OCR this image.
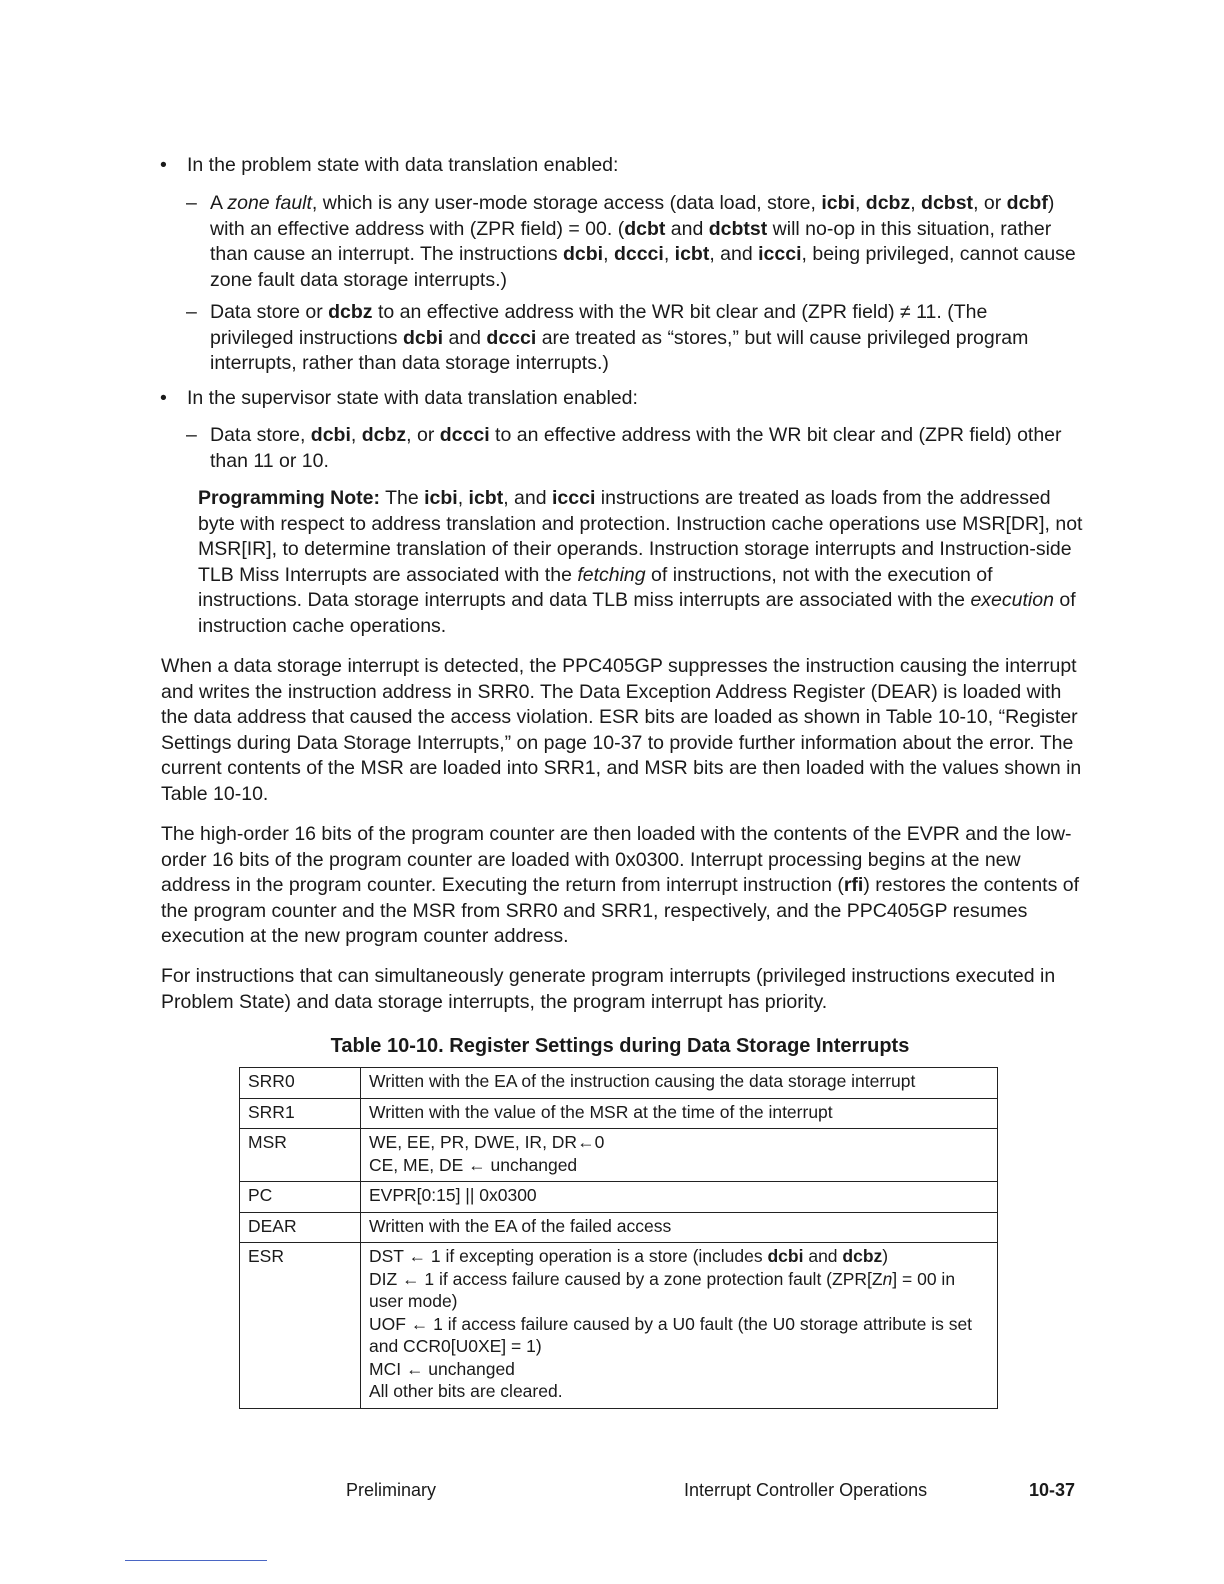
• In the problem state with data translation enabled:
– A zone fault, which is any user-mode storage access (data load, store, icbi, dcbz, dcbst, or dcbf) with an effective address with (ZPR field) = 00. (dcbt and dcbtst will no-op in this situation, rather than cause an interrupt. The instructions dcbi, dccci, icbt, and iccci, being privileged, cannot cause zone fault data storage interrupts.)
– Data store or dcbz to an effective address with the WR bit clear and (ZPR field) ≠ 11. (The privileged instructions dcbi and dccci are treated as “stores,” but will cause privileged program interrupts, rather than data storage interrupts.)
• In the supervisor state with data translation enabled:
– Data store, dcbi, dcbz, or dccci to an effective address with the WR bit clear and (ZPR field) other than 11 or 10.
Programming Note: The icbi, icbt, and iccci instructions are treated as loads from the addressed byte with respect to address translation and protection. Instruction cache operations use MSR[DR], not MSR[IR], to determine translation of their operands. Instruction storage interrupts and Instruction-side TLB Miss Interrupts are associated with the fetching of instructions, not with the execution of instructions. Data storage interrupts and data TLB miss interrupts are associated with the execution of instruction cache operations.
When a data storage interrupt is detected, the PPC405GP suppresses the instruction causing the interrupt and writes the instruction address in SRR0. The Data Exception Address Register (DEAR) is loaded with the data address that caused the access violation. ESR bits are loaded as shown in Table 10-10, “Register Settings during Data Storage Interrupts,” on page 10-37 to provide further information about the error. The current contents of the MSR are loaded into SRR1, and MSR bits are then loaded with the values shown in Table 10-10.
The high-order 16 bits of the program counter are then loaded with the contents of the EVPR and the low-order 16 bits of the program counter are loaded with 0x0300. Interrupt processing begins at the new address in the program counter. Executing the return from interrupt instruction (rfi) restores the contents of the program counter and the MSR from SRR0 and SRR1, respectively, and the PPC405GP resumes execution at the new program counter address.
For instructions that can simultaneously generate program interrupts (privileged instructions executed in Problem State) and data storage interrupts, the program interrupt has priority.
Table 10-10. Register Settings during Data Storage Interrupts
SRR0	Written with the EA of the instruction causing the data storage interrupt
SRR1	Written with the value of the MSR at the time of the interrupt
MSR	WE, EE, PR, DWE, IR, DR←0
CE, ME, DE ← unchanged

PC	EVPR[0:15] || 0x0300
DEAR	Written with the EA of the failed access
ESR	DST ← 1 if excepting operation is a store (includes dcbi and dcbz)
DIZ ← 1 if access failure caused by a zone protection fault (ZPR[Zn] = 00 in user mode)
UOF ← 1 if access failure caused by a U0 fault (the U0 storage attribute is set and CCR0[U0XE] = 1)
MCI ← unchanged
All other bits are cleared.
Preliminary	Interrupt Controller Operations	10-37
